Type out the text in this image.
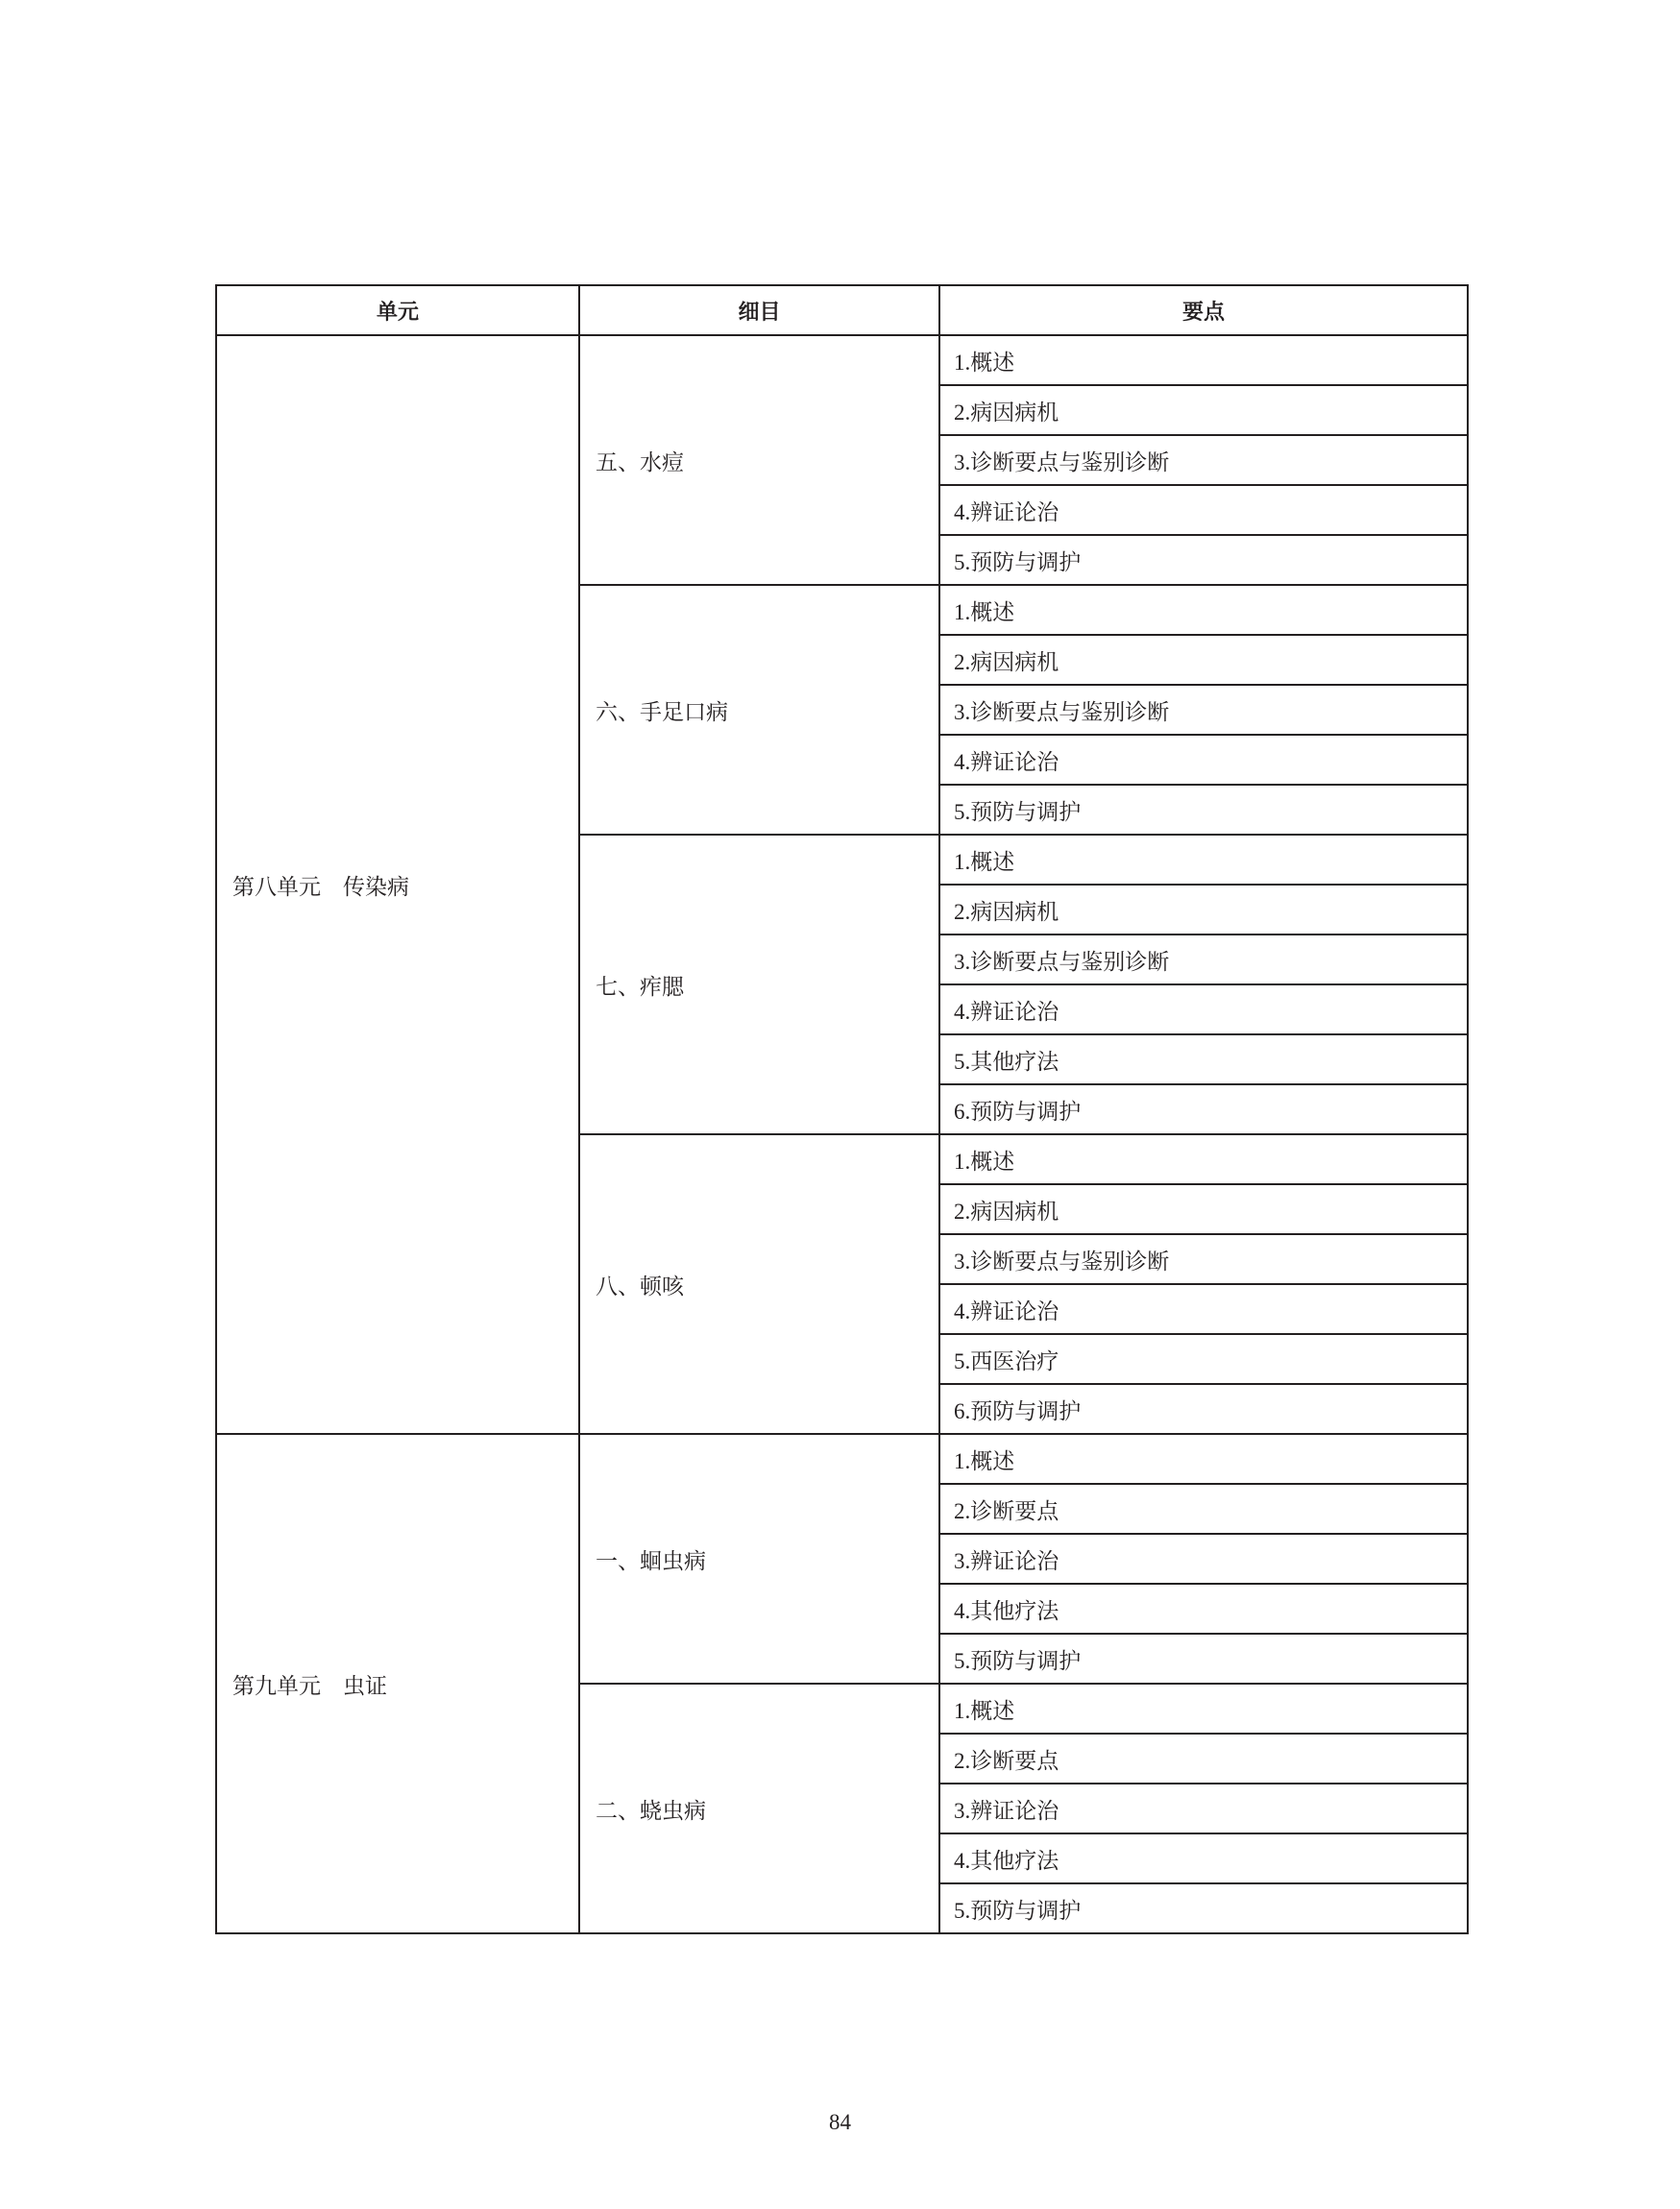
单元	细目	要点
第八单元　传染病	五、水痘	1.概述
		2.病因病机
		3.诊断要点与鉴别诊断
		4.辨证论治
		5.预防与调护
	六、手足口病	1.概述
		2.病因病机
		3.诊断要点与鉴别诊断
		4.辨证论治
		5.预防与调护
	七、痄腮	1.概述
		2.病因病机
		3.诊断要点与鉴别诊断
		4.辨证论治
		5.其他疗法
		6.预防与调护
	八、顿咳	1.概述
		2.病因病机
		3.诊断要点与鉴别诊断
		4.辨证论治
		5.西医治疗
		6.预防与调护
第九单元　虫证	一、蛔虫病	1.概述
		2.诊断要点
		3.辨证论治
		4.其他疗法
		5.预防与调护
	二、蛲虫病	1.概述
		2.诊断要点
		3.辨证论治
		4.其他疗法
		5.预防与调护
84
